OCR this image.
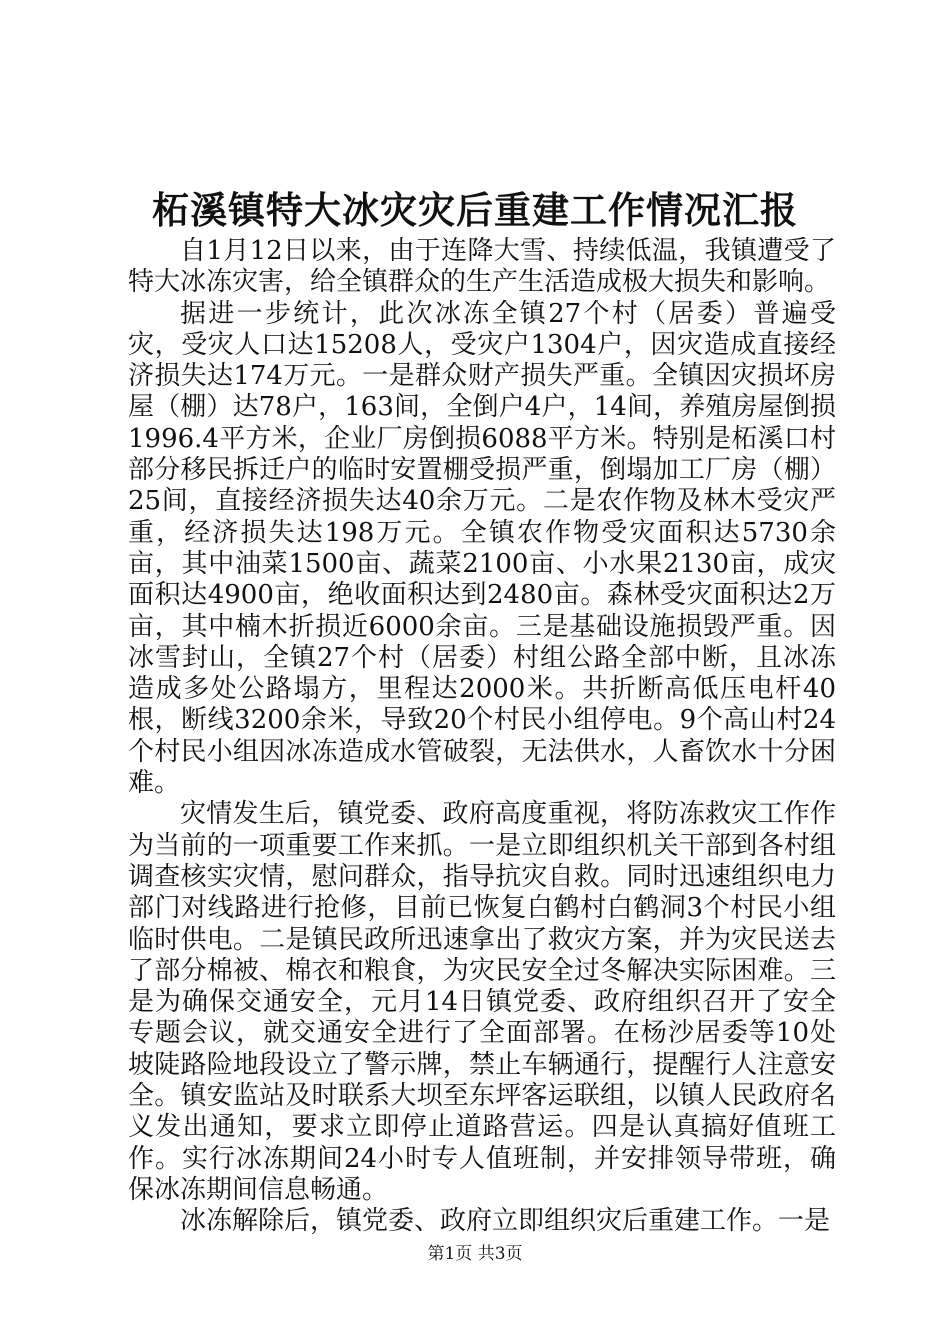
柘溪镇特大冰灾灾后重建工作情况汇报

自1月12日以来，由于连降大雪、持续低温，我镇遭受了特大冰冻灾害，给全镇群众的生产生活造成极大损失和影响。

据进一步统计，此次冰冻全镇27个村（居委）普遍受灾，受灾人口达15208人，受灾户1304户，因灾造成直接经济损失达174万元。一是群众财产损失严重。全镇因灾损坏房屋（棚）达78户，163间，全倒户4户，14间，养殖房屋倒损1996.4平方米，企业厂房倒损6088平方米。特别是柘溪口村部分移民拆迁户的临时安置棚受损严重，倒塌加工厂房（棚）25间，直接经济损失达40余万元。二是农作物及林木受灾严重，经济损失达198万元。全镇农作物受灾面积达5730余亩，其中油菜1500亩、蔬菜2100亩、小水果2130亩，成灾面积达4900亩，绝收面积达到2480亩。森林受灾面积达2万亩，其中楠木折损近6000余亩。三是基础设施损毁严重。因冰雪封山，全镇27个村（居委）村组公路全部中断，且冰冻造成多处公路塌方，里程达2000米。共折断高低压电杆40根，断线3200余米，导致20个村民小组停电。9个高山村24个村民小组因冰冻造成水管破裂，无法供水，人畜饮水十分困难。

灾情发生后，镇党委、政府高度重视，将防冻救灾工作作为当前的一项重要工作来抓。一是立即组织机关干部到各村组调查核实灾情，慰问群众，指导抗灾自救。同时迅速组织电力部门对线路进行抢修，目前已恢复白鹤村白鹤洞3个村民小组临时供电。二是镇民政所迅速拿出了救灾方案，并为灾民送去了部分棉被、棉衣和粮食，为灾民安全过冬解决实际困难。三是为确保交通安全，元月14日镇党委、政府组织召开了安全专题会议，就交通安全进行了全面部署。在杨沙居委等10处坡陡路险地段设立了警示牌，禁止车辆通行，提醒行人注意安全。镇安监站及时联系大坝至东坪客运联组，以镇人民政府名义发出通知，要求立即停止道路营运。四是认真搞好值班工作。实行冰冻期间24小时专人值班制，并安排领导带班，确保冰冻期间信息畅通。

冰冻解除后，镇党委、政府立即组织灾后重建工作。一是

第1页 共3页
